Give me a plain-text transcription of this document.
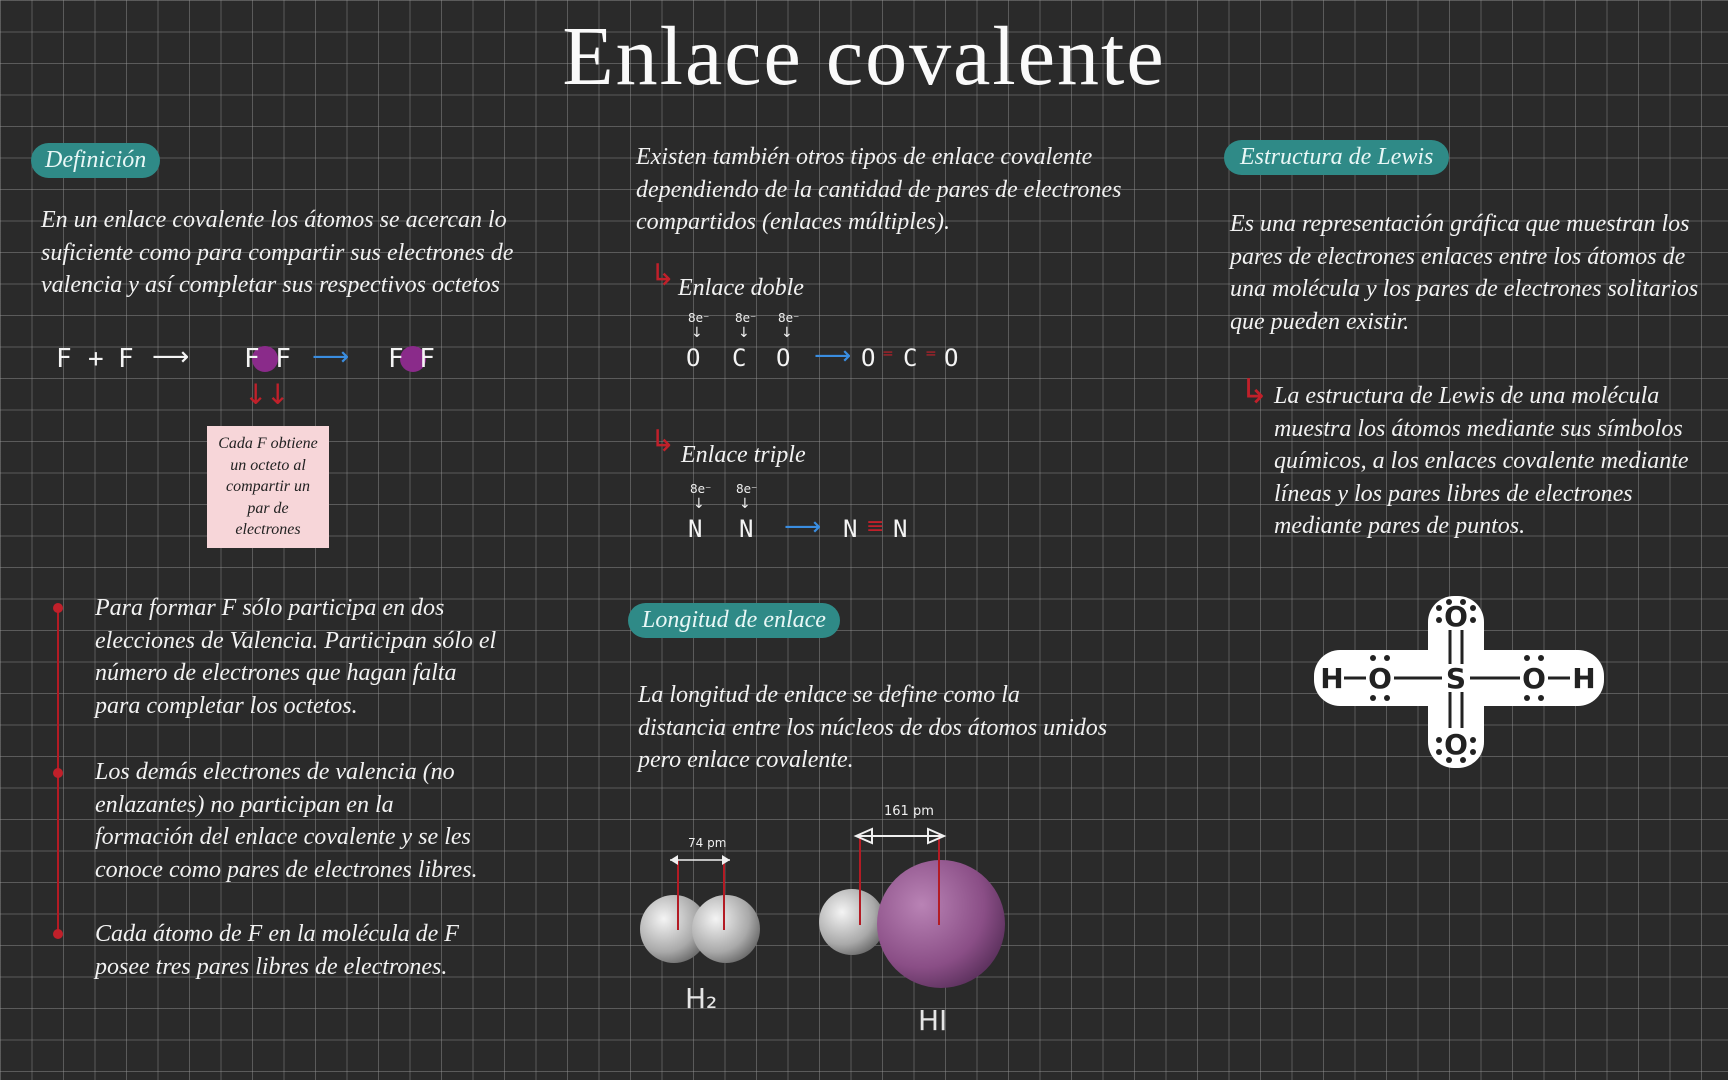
Enlace covalente
Definición
En un enlace covalente los átomos se acercan lo
suficiente como para compartir sus electrones de
valencia y así completar sus respectivos octetos
F + F ⟶ F F ⟶ F F
↓
↓
Cada F obtiene
un octeto al
compartir un
par de
electrones
Para formar F sólo participa en dos
elecciones de Valencia. Participan sólo el
número de electrones que hagan falta
para completar los octetos.
Los demás electrones de valencia (no
enlazantes) no participan en la
formación del enlace covalente y se les
conoce como pares de electrones libres.
Cada átomo de F en la molécula de F
posee tres pares libres de electrones.
Existen también otros tipos de enlace covalente
dependiendo de la cantidad de pares de electrones
compartidos (enlaces múltiples).
↳ Enlace doble
8e⁻ 8e⁻ 8e⁻
↓	↓ ↓
O C O ⟶ O = C = O
↳ Enlace triple
8e⁻ 8e⁻
↓ ↓
N N ⟶ N ≡ N
Longitud de enlace
La longitud de enlace se define como la
distancia entre los núcleos de dos átomos unidos
pero enlace covalente.
74 pm
161 pm
H₂
HI
Estructura de Lewis
Es una representación gráfica que muestran los
pares de electrones enlaces entre los átomos de
una molécula y los pares de electrones solitarios
que pueden existir.
↳ La estructura de Lewis de una molécula
muestra los átomos mediante sus símbolos
químicos, a los enlaces covalente mediante
líneas y los pares libres de electrones
mediante pares de puntos.
H O S O H
O
O
